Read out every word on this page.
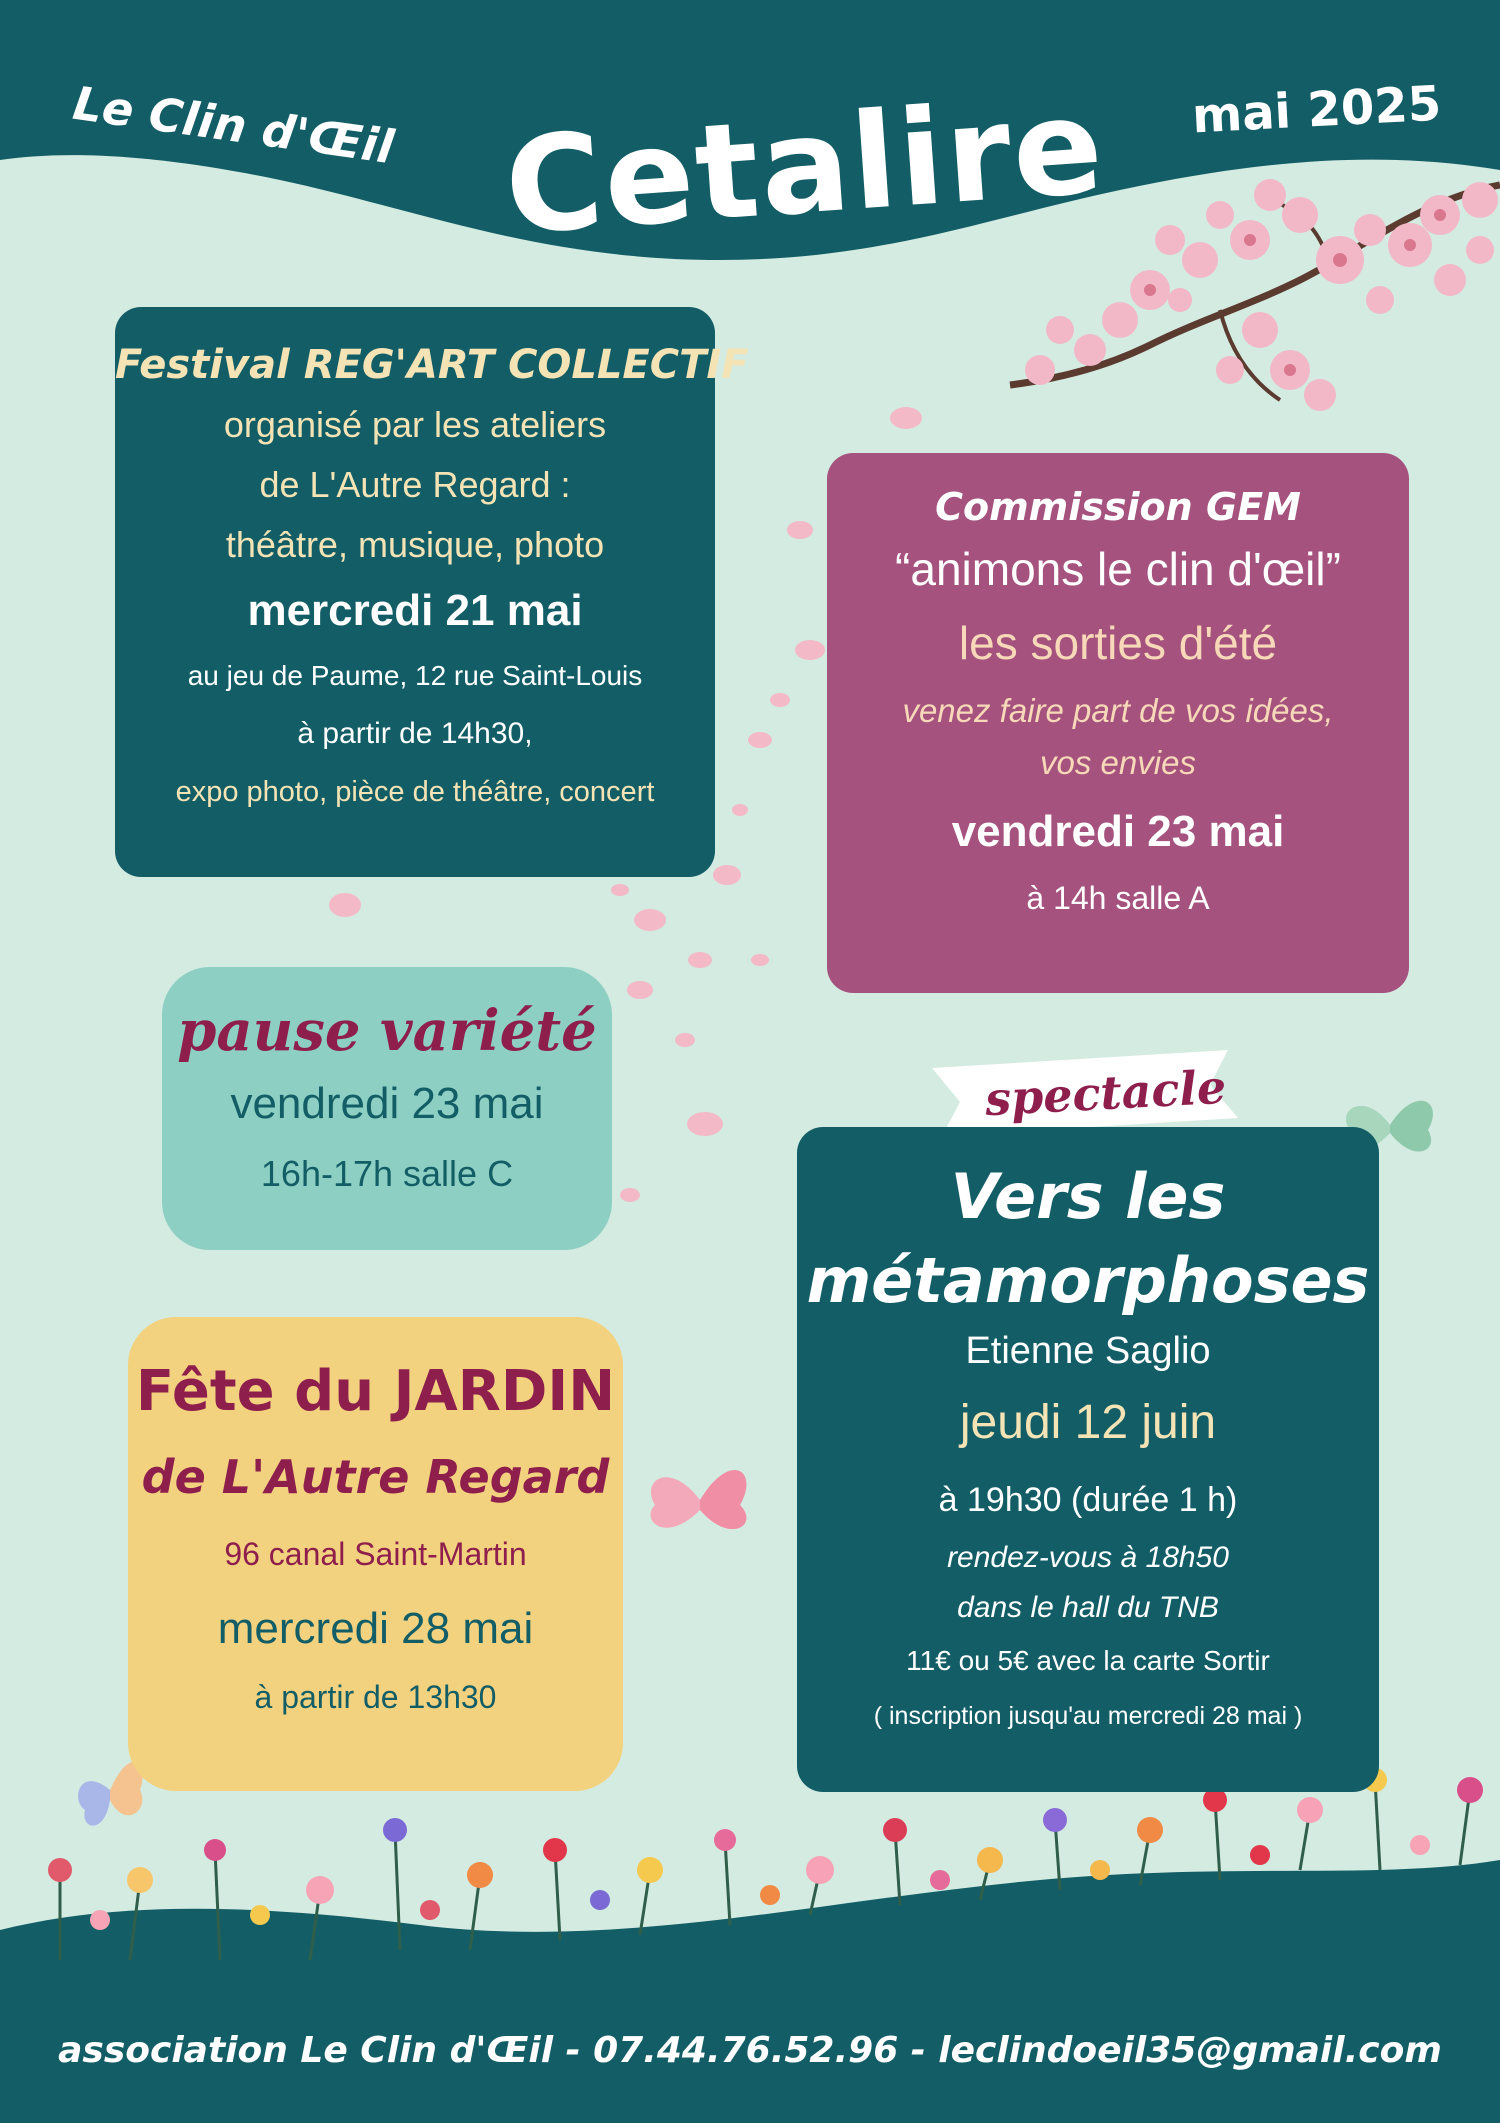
Le Clin d'Œil Cetalire mai 2025
Festival REG'ART COLLECTIF
organisé par les ateliers
de L'Autre Regard :
théâtre, musique, photo
mercredi 21 mai
au jeu de Paume, 12 rue Saint-Louis
à partir de 14h30,
expo photo, pièce de théâtre, concert
Commission GEM
“animons le clin d'œil”
les sorties d'été
venez faire part de vos idées,
vos envies
vendredi 23 mai
à 14h salle A
pause variété
vendredi 23 mai
16h-17h salle C
spectacle
Vers les
métamorphoses
Etienne Saglio
jeudi 12 juin
à 19h30 (durée 1 h)
rendez-vous à 18h50
dans le hall du TNB
11€ ou 5€ avec la carte Sortir
( inscription jusqu'au mercredi 28 mai )
Fête du JARDIN
de L'Autre Regard
96 canal Saint-Martin
mercredi 28 mai
à partir de 13h30
association Le Clin d'Œil - 07.44.76.52.96 - leclindoeil35@gmail.com
